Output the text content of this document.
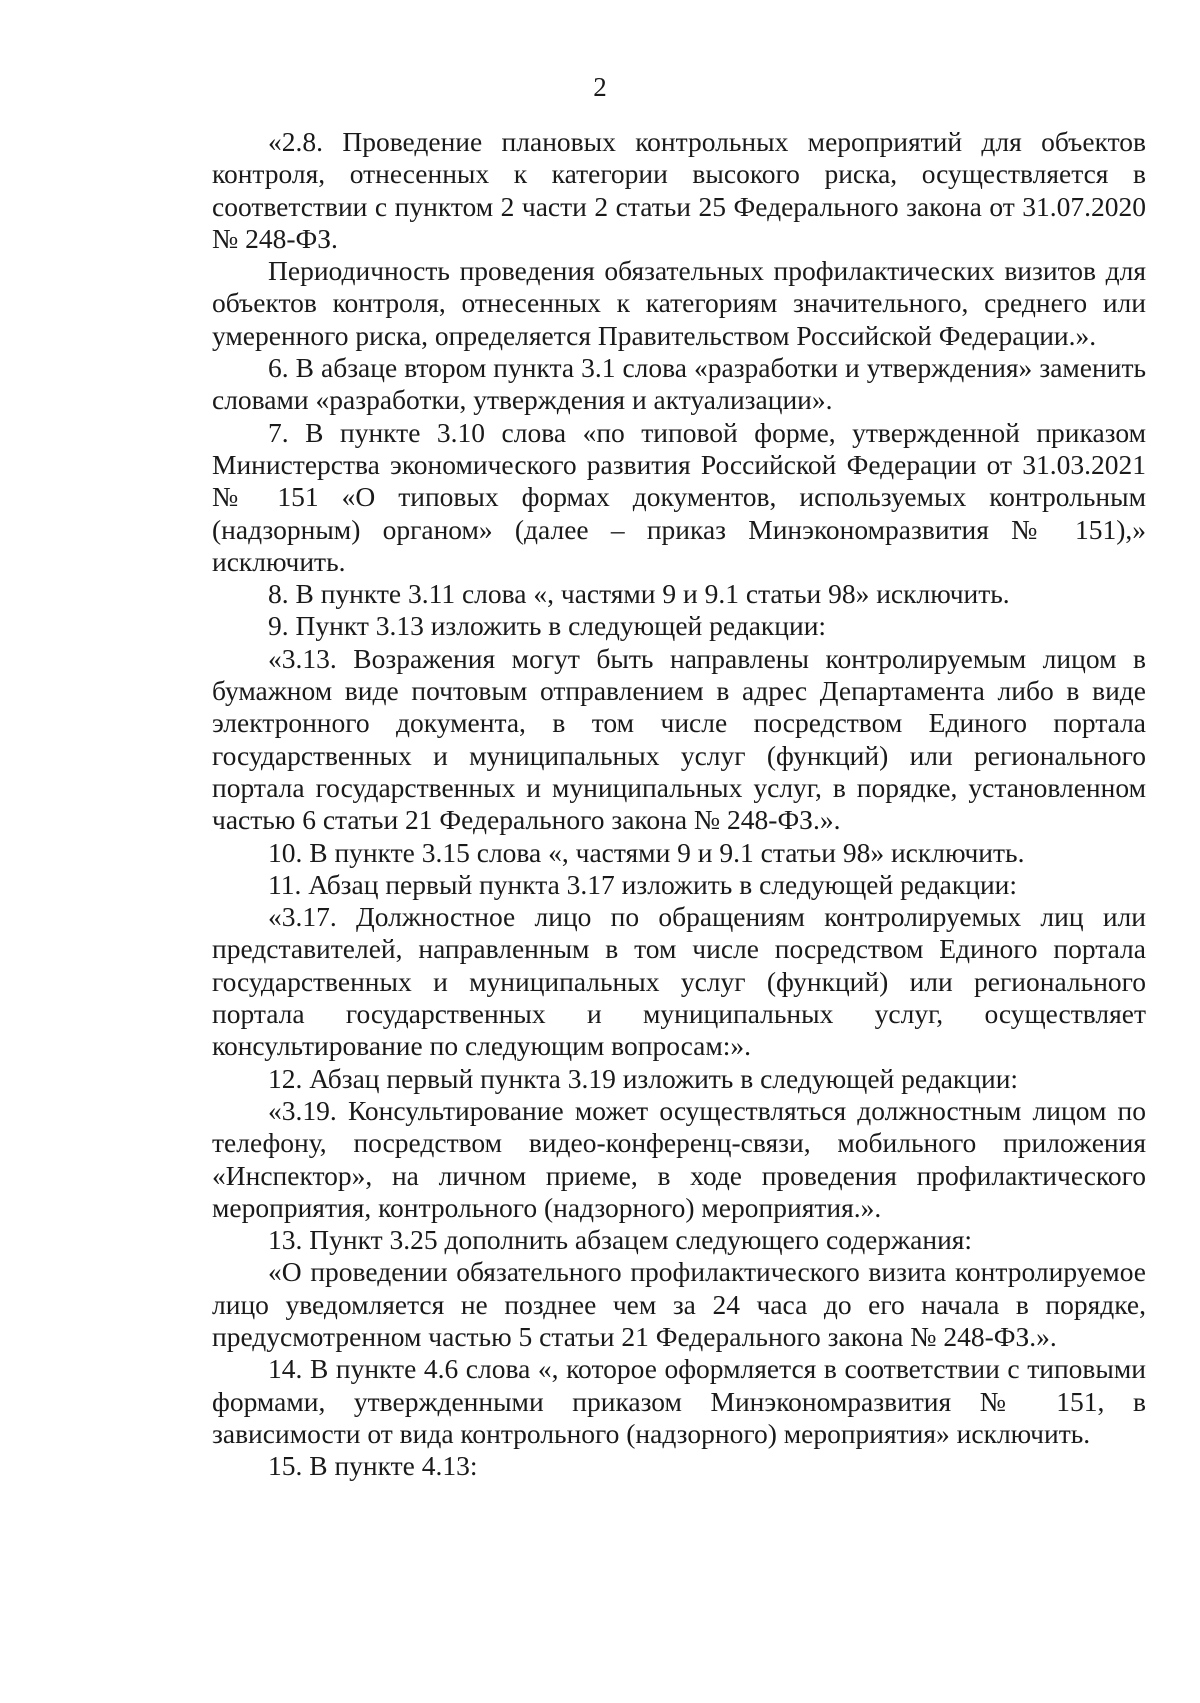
2

«2.8. Проведение плановых контрольных мероприятий для объектов контроля, отнесенных к категории высокого риска, осуществляется в соответствии с пунктом 2 части 2 статьи 25 Федерального закона от 31.07.2020 № 248-ФЗ.

Периодичность проведения обязательных профилактических визитов для объектов контроля, отнесенных к категориям значительного, среднего или умеренного риска, определяется Правительством Российской Федерации.».

6. В абзаце втором пункта 3.1 слова «разработки и утверждения» заменить словами «разработки, утверждения и актуализации».

7. В пункте 3.10 слова «по типовой форме, утвержденной приказом Министерства экономического развития Российской Федерации от 31.03.2021 № 151 «О типовых формах документов, используемых контрольным (надзорным) органом» (далее – приказ Минэкономразвития № 151),» исключить.

8. В пункте 3.11 слова «, частями 9 и 9.1 статьи 98» исключить.

9. Пункт 3.13 изложить в следующей редакции:

«3.13. Возражения могут быть направлены контролируемым лицом в бумажном виде почтовым отправлением в адрес Департамента либо в виде электронного документа, в том числе посредством Единого портала государственных и муниципальных услуг (функций) или регионального портала государственных и муниципальных услуг, в порядке, установленном частью 6 статьи 21 Федерального закона № 248-ФЗ.».

10. В пункте 3.15 слова «, частями 9 и 9.1 статьи 98» исключить.

11. Абзац первый пункта 3.17 изложить в следующей редакции:

«3.17. Должностное лицо по обращениям контролируемых лиц или представителей, направленным в том числе посредством Единого портала государственных и муниципальных услуг (функций) или регионального портала государственных и муниципальных услуг, осуществляет консультирование по следующим вопросам:».

12. Абзац первый пункта 3.19 изложить в следующей редакции:

«3.19. Консультирование может осуществляться должностным лицом по телефону, посредством видео-конференц-связи, мобильного приложения «Инспектор», на личном приеме, в ходе проведения профилактического мероприятия, контрольного (надзорного) мероприятия.».

13. Пункт 3.25 дополнить абзацем следующего содержания:

«О проведении обязательного профилактического визита контролируемое лицо уведомляется не позднее чем за 24 часа до его начала в порядке, предусмотренном частью 5 статьи 21 Федерального закона № 248-ФЗ.».

14. В пункте 4.6 слова «, которое оформляется в соответствии с типовыми формами, утвержденными приказом Минэкономразвития № 151, в зависимости от вида контрольного (надзорного) мероприятия» исключить.

15. В пункте 4.13:
